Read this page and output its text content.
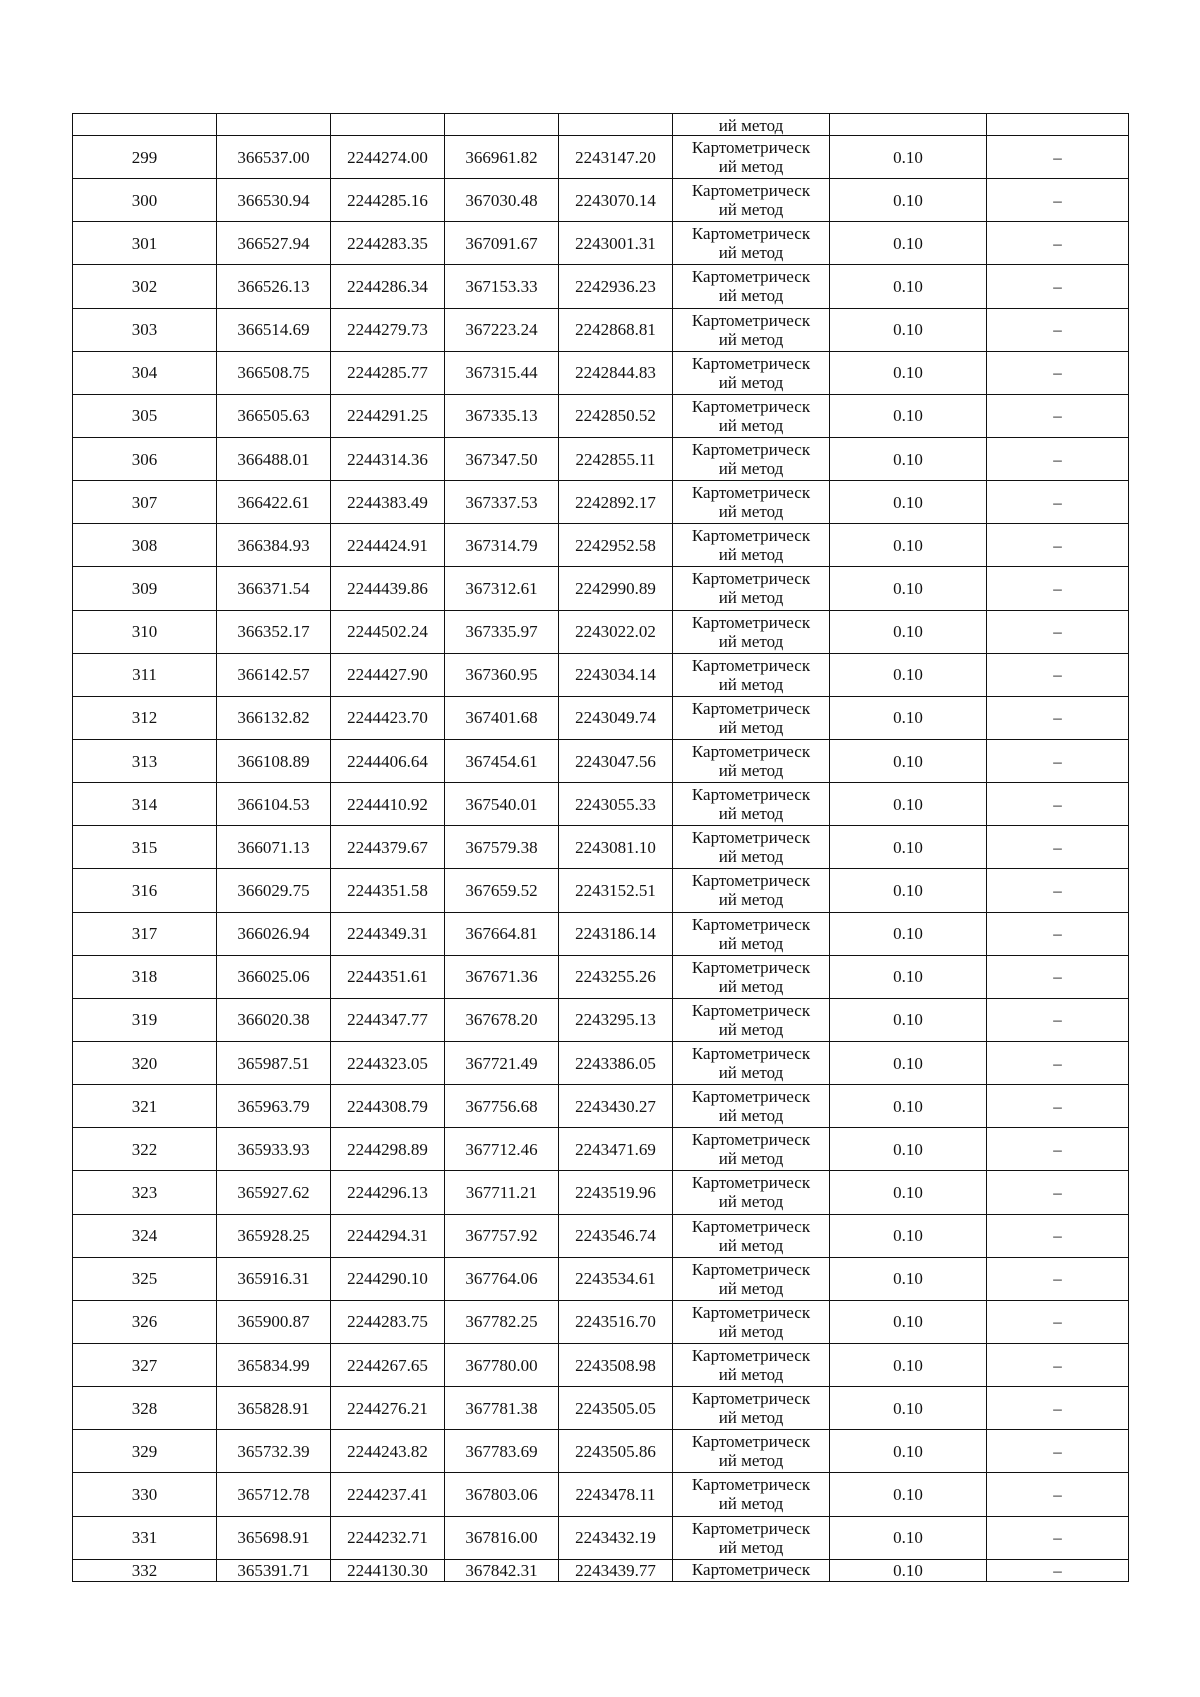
					ий метод		

299	366537.00	2244274.00	366961.82	2243147.20	Картометрическ
ий метод	0.10	–
300	366530.94	2244285.16	367030.48	2243070.14	Картометрическ
ий метод	0.10	–
301	366527.94	2244283.35	367091.67	2243001.31	Картометрическ
ий метод	0.10	–
302	366526.13	2244286.34	367153.33	2242936.23	Картометрическ
ий метод	0.10	–
303	366514.69	2244279.73	367223.24	2242868.81	Картометрическ
ий метод	0.10	–
304	366508.75	2244285.77	367315.44	2242844.83	Картометрическ
ий метод	0.10	–
305	366505.63	2244291.25	367335.13	2242850.52	Картометрическ
ий метод	0.10	–
306	366488.01	2244314.36	367347.50	2242855.11	Картометрическ
ий метод	0.10	–
307	366422.61	2244383.49	367337.53	2242892.17	Картометрическ
ий метод	0.10	–
308	366384.93	2244424.91	367314.79	2242952.58	Картометрическ
ий метод	0.10	–
309	366371.54	2244439.86	367312.61	2242990.89	Картометрическ
ий метод	0.10	–
310	366352.17	2244502.24	367335.97	2243022.02	Картометрическ
ий метод	0.10	–
311	366142.57	2244427.90	367360.95	2243034.14	Картометрическ
ий метод	0.10	–
312	366132.82	2244423.70	367401.68	2243049.74	Картометрическ
ий метод	0.10	–
313	366108.89	2244406.64	367454.61	2243047.56	Картометрическ
ий метод	0.10	–
314	366104.53	2244410.92	367540.01	2243055.33	Картометрическ
ий метод	0.10	–
315	366071.13	2244379.67	367579.38	2243081.10	Картометрическ
ий метод	0.10	–
316	366029.75	2244351.58	367659.52	2243152.51	Картометрическ
ий метод	0.10	–
317	366026.94	2244349.31	367664.81	2243186.14	Картометрическ
ий метод	0.10	–
318	366025.06	2244351.61	367671.36	2243255.26	Картометрическ
ий метод	0.10	–
319	366020.38	2244347.77	367678.20	2243295.13	Картометрическ
ий метод	0.10	–
320	365987.51	2244323.05	367721.49	2243386.05	Картометрическ
ий метод	0.10	–
321	365963.79	2244308.79	367756.68	2243430.27	Картометрическ
ий метод	0.10	–
322	365933.93	2244298.89	367712.46	2243471.69	Картометрическ
ий метод	0.10	–
323	365927.62	2244296.13	367711.21	2243519.96	Картометрическ
ий метод	0.10	–
324	365928.25	2244294.31	367757.92	2243546.74	Картометрическ
ий метод	0.10	–
325	365916.31	2244290.10	367764.06	2243534.61	Картометрическ
ий метод	0.10	–
326	365900.87	2244283.75	367782.25	2243516.70	Картометрическ
ий метод	0.10	–
327	365834.99	2244267.65	367780.00	2243508.98	Картометрическ
ий метод	0.10	–
328	365828.91	2244276.21	367781.38	2243505.05	Картометрическ
ий метод	0.10	–
329	365732.39	2244243.82	367783.69	2243505.86	Картометрическ
ий метод	0.10	–
330	365712.78	2244237.41	367803.06	2243478.11	Картометрическ
ий метод	0.10	–
331	365698.91	2244232.71	367816.00	2243432.19	Картометрическ
ий метод	0.10	–
332	365391.71	2244130.30	367842.31	2243439.77	Картометрическ	0.10	–
